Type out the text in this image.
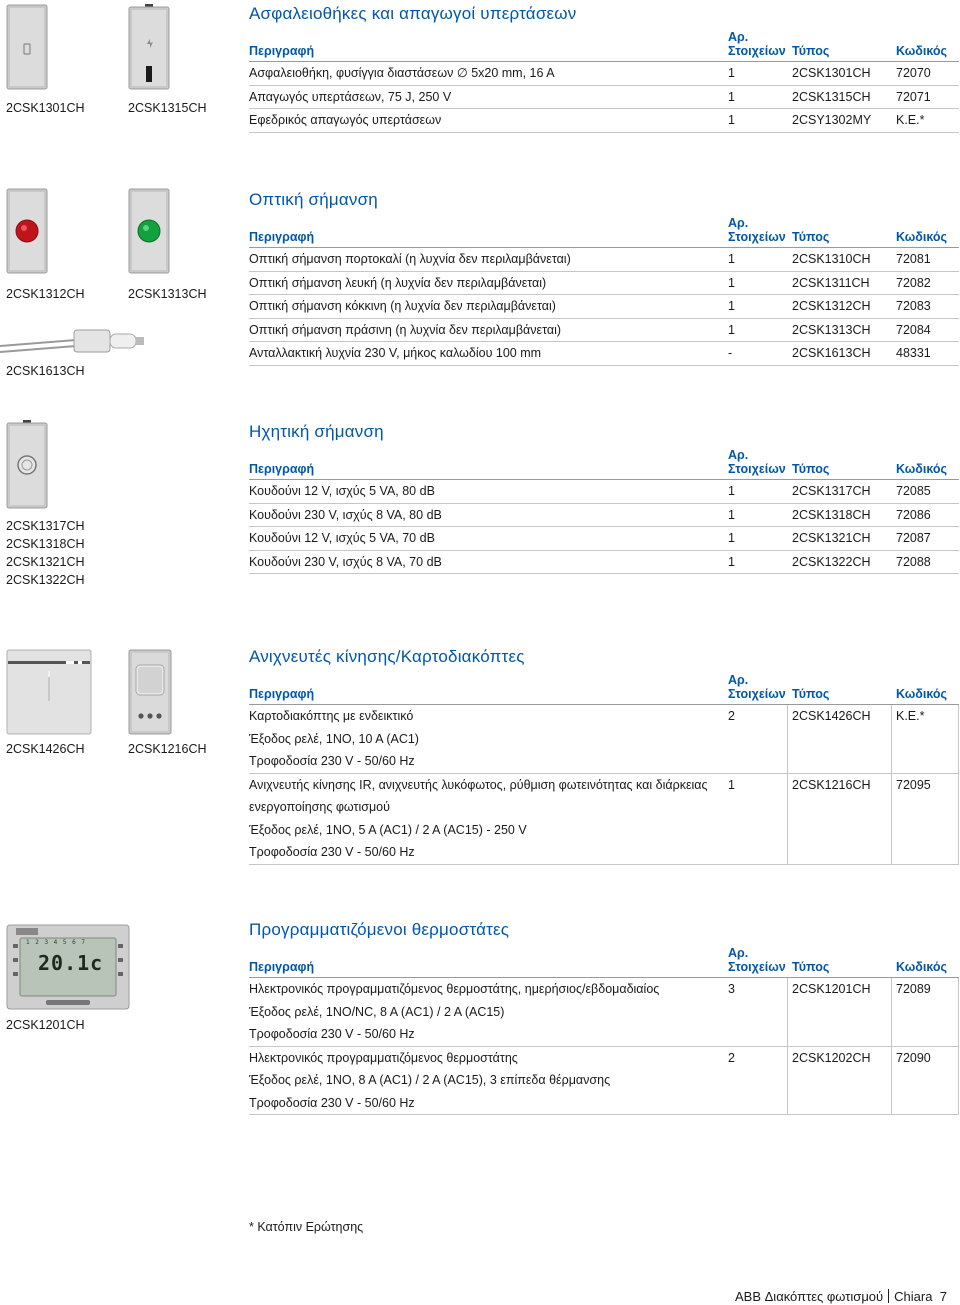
2CSK1301CH	2CSK1315CH
Ασφαλειοθήκες και απαγωγοί υπερτάσεων
Περιγραφή
Αρ.
Στοιχείων Τύπος	Κωδικός
Ασφαλειοθήκη, φυσίγγια διαστάσεων ∅ 5x20 mm, 16 A	1	2CSK1301CH 72070
Απαγωγός υπερτάσεων, 75 J, 250 V	1	2CSK1315CH 72071
Εφεδρικός απαγωγός υπερτάσεων	1	2CSY1302MY Κ.Ε.*
2CSK1312CH	2CSK1313CH
2CSK1613CH
Οπτική σήμανση
Περιγραφή
Αρ.
Στοιχείων Τύπος	Κωδικός
Οπτική σήμανση πορτοκαλί (η λυχνία δεν περιλαμβάνεται)	1	2CSK1310CH 72081
Οπτική σήμανση λευκή (η λυχνία δεν περιλαμβάνεται)	1	2CSK1311CH 72082
Οπτική σήμανση κόκκινη (η λυχνία δεν περιλαμβάνεται)	1	2CSK1312CH 72083
Οπτική σήμανση πράσινη (η λυχνία δεν περιλαμβάνεται)	1	2CSK1313CH 72084
Ανταλλακτική λυχνία 230 V, μήκος καλωδίου 100 mm	-	2CSK1613CH 48331
2CSK1317CH
2CSK1318CH
2CSK1321CH
2CSK1322CH
Ηχητική σήμανση
Περιγραφή
Αρ.
Στοιχείων Τύπος	Κωδικός
Κουδούνι 12 V, ισχύς 5 VA, 80 dB	1	2CSK1317CH 72085
Κουδούνι 230 V, ισχύς 8 VA, 80 dB	1	2CSK1318CH 72086
Κουδούνι 12 V, ισχύς 5 VA, 70 dB	1	2CSK1321CH 72087
Κουδούνι 230 V, ισχύς 8 VA, 70 dB	1	2CSK1322CH 72088
2CSK1426CH	2CSK1216CH
Ανιχνευτές κίνησης/Καρτοδιακόπτες
Περιγραφή
Αρ.
Στοιχείων Τύπος	Κωδικός
Καρτοδιακόπτης με ενδεικτικό
Έξοδος ρελέ, 1NO, 10 A (AC1)
Τροφοδοσία 230 V - 50/60 Hz
2	2CSK1426CH Κ.Ε.*
Ανιχνευτής κίνησης IR, ανιχνευτής λυκόφωτος, ρύθμιση φωτεινότητας και διάρκειας
ενεργοποίησης φωτισμού
Έξοδος ρελέ, 1NO, 5 A (AC1) / 2 A (AC15) - 250 V
Τροφοδοσία 230 V - 50/60 Hz
1	2CSK1216CH 72095
1 2 3 4 5 6 7
20.1c
2CSK1201CH
Προγραμματιζόμενοι θερμοστάτες
Περιγραφή
Αρ.
Στοιχείων Τύπος	Κωδικός
Ηλεκτρονικός προγραμματιζόμενος θερμοστάτης, ημερήσιος/εβδομαδιαίος
Έξοδος ρελέ, 1NO/NC, 8 A (AC1) / 2 A (AC15)
Τροφοδοσία 230 V - 50/60 Hz
3	2CSK1201CH 72089
Ηλεκτρονικός προγραμματιζόμενος θερμοστάτης
Έξοδος ρελέ, 1NO, 8 A (AC1) / 2 A (AC15), 3 επίπεδα θέρμανσης
Τροφοδοσία 230 V - 50/60 Hz
2	2CSK1202CH 72090
* Κατόπιν Ερώτησης
ABB Διακόπτες φωτισμού Chiara 7
